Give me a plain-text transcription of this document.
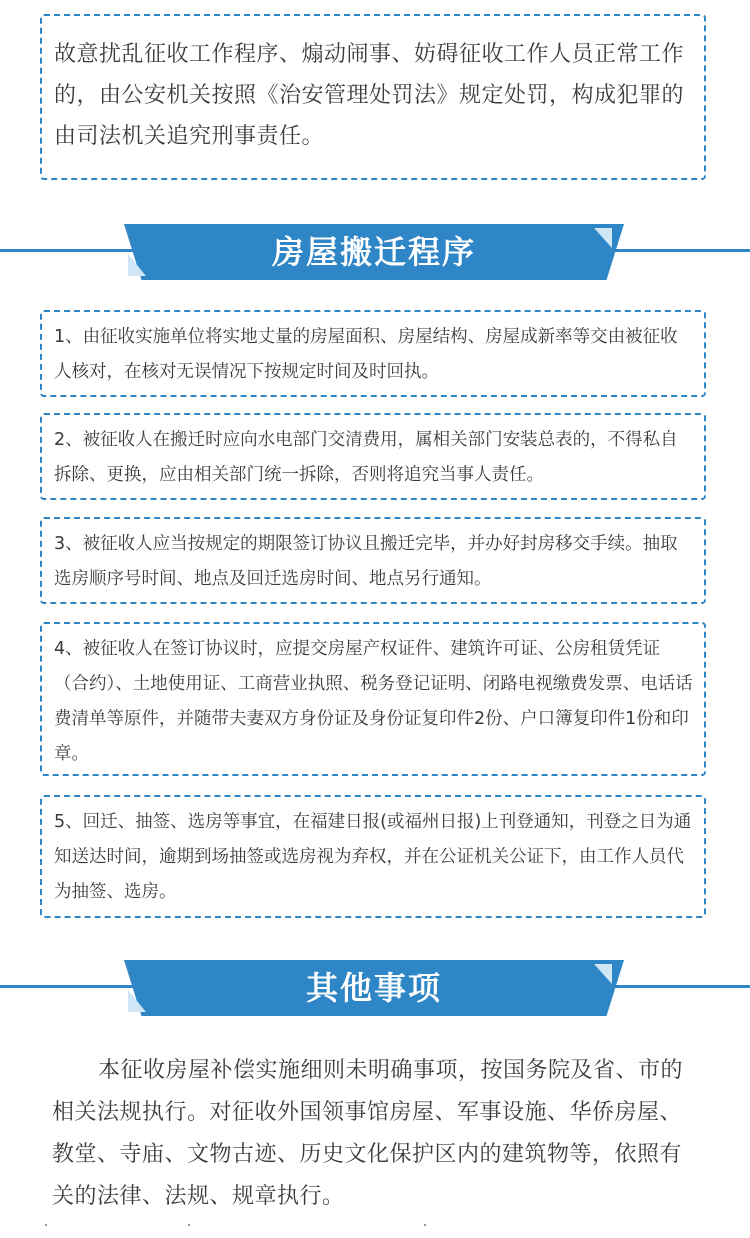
故意扰乱征收工作程序、煽动闹事、妨碍征收工作人员正常工作的，由公安机关按照《治安管理处罚法》规定处罚，构成犯罪的由司法机关追究刑事责任。

房屋搬迁程序

1、由征收实施单位将实地丈量的房屋面积、房屋结构、房屋成新率等交由被征收人核对，在核对无误情况下按规定时间及时回执。

2、被征收人在搬迁时应向水电部门交清费用，属相关部门安装总表的，不得私自拆除、更换，应由相关部门统一拆除，否则将追究当事人责任。

3、被征收人应当按规定的期限签订协议且搬迁完毕，并办好封房移交手续。抽取选房顺序号时间、地点及回迁选房时间、地点另行通知。

4、被征收人在签订协议时，应提交房屋产权证件、建筑许可证、公房租赁凭证（合约）、土地使用证、工商营业执照、税务登记证明、闭路电视缴费发票、电话话费清单等原件，并随带夫妻双方身份证及身份证复印件2份、户口簿复印件1份和印章。

5、回迁、抽签、选房等事宜，在福建日报(或福州日报)上刊登通知，刊登之日为通知送达时间，逾期到场抽签或选房视为弃权，并在公证机关公证下，由工作人员代为抽签、选房。

其他事项

本征收房屋补偿实施细则未明确事项，按国务院及省、市的相关法规执行。对征收外国领事馆房屋、军事设施、华侨房屋、教堂、寺庙、文物古迹、历史文化保护区内的建筑物等，依照有关的法律、法规、规章执行。
